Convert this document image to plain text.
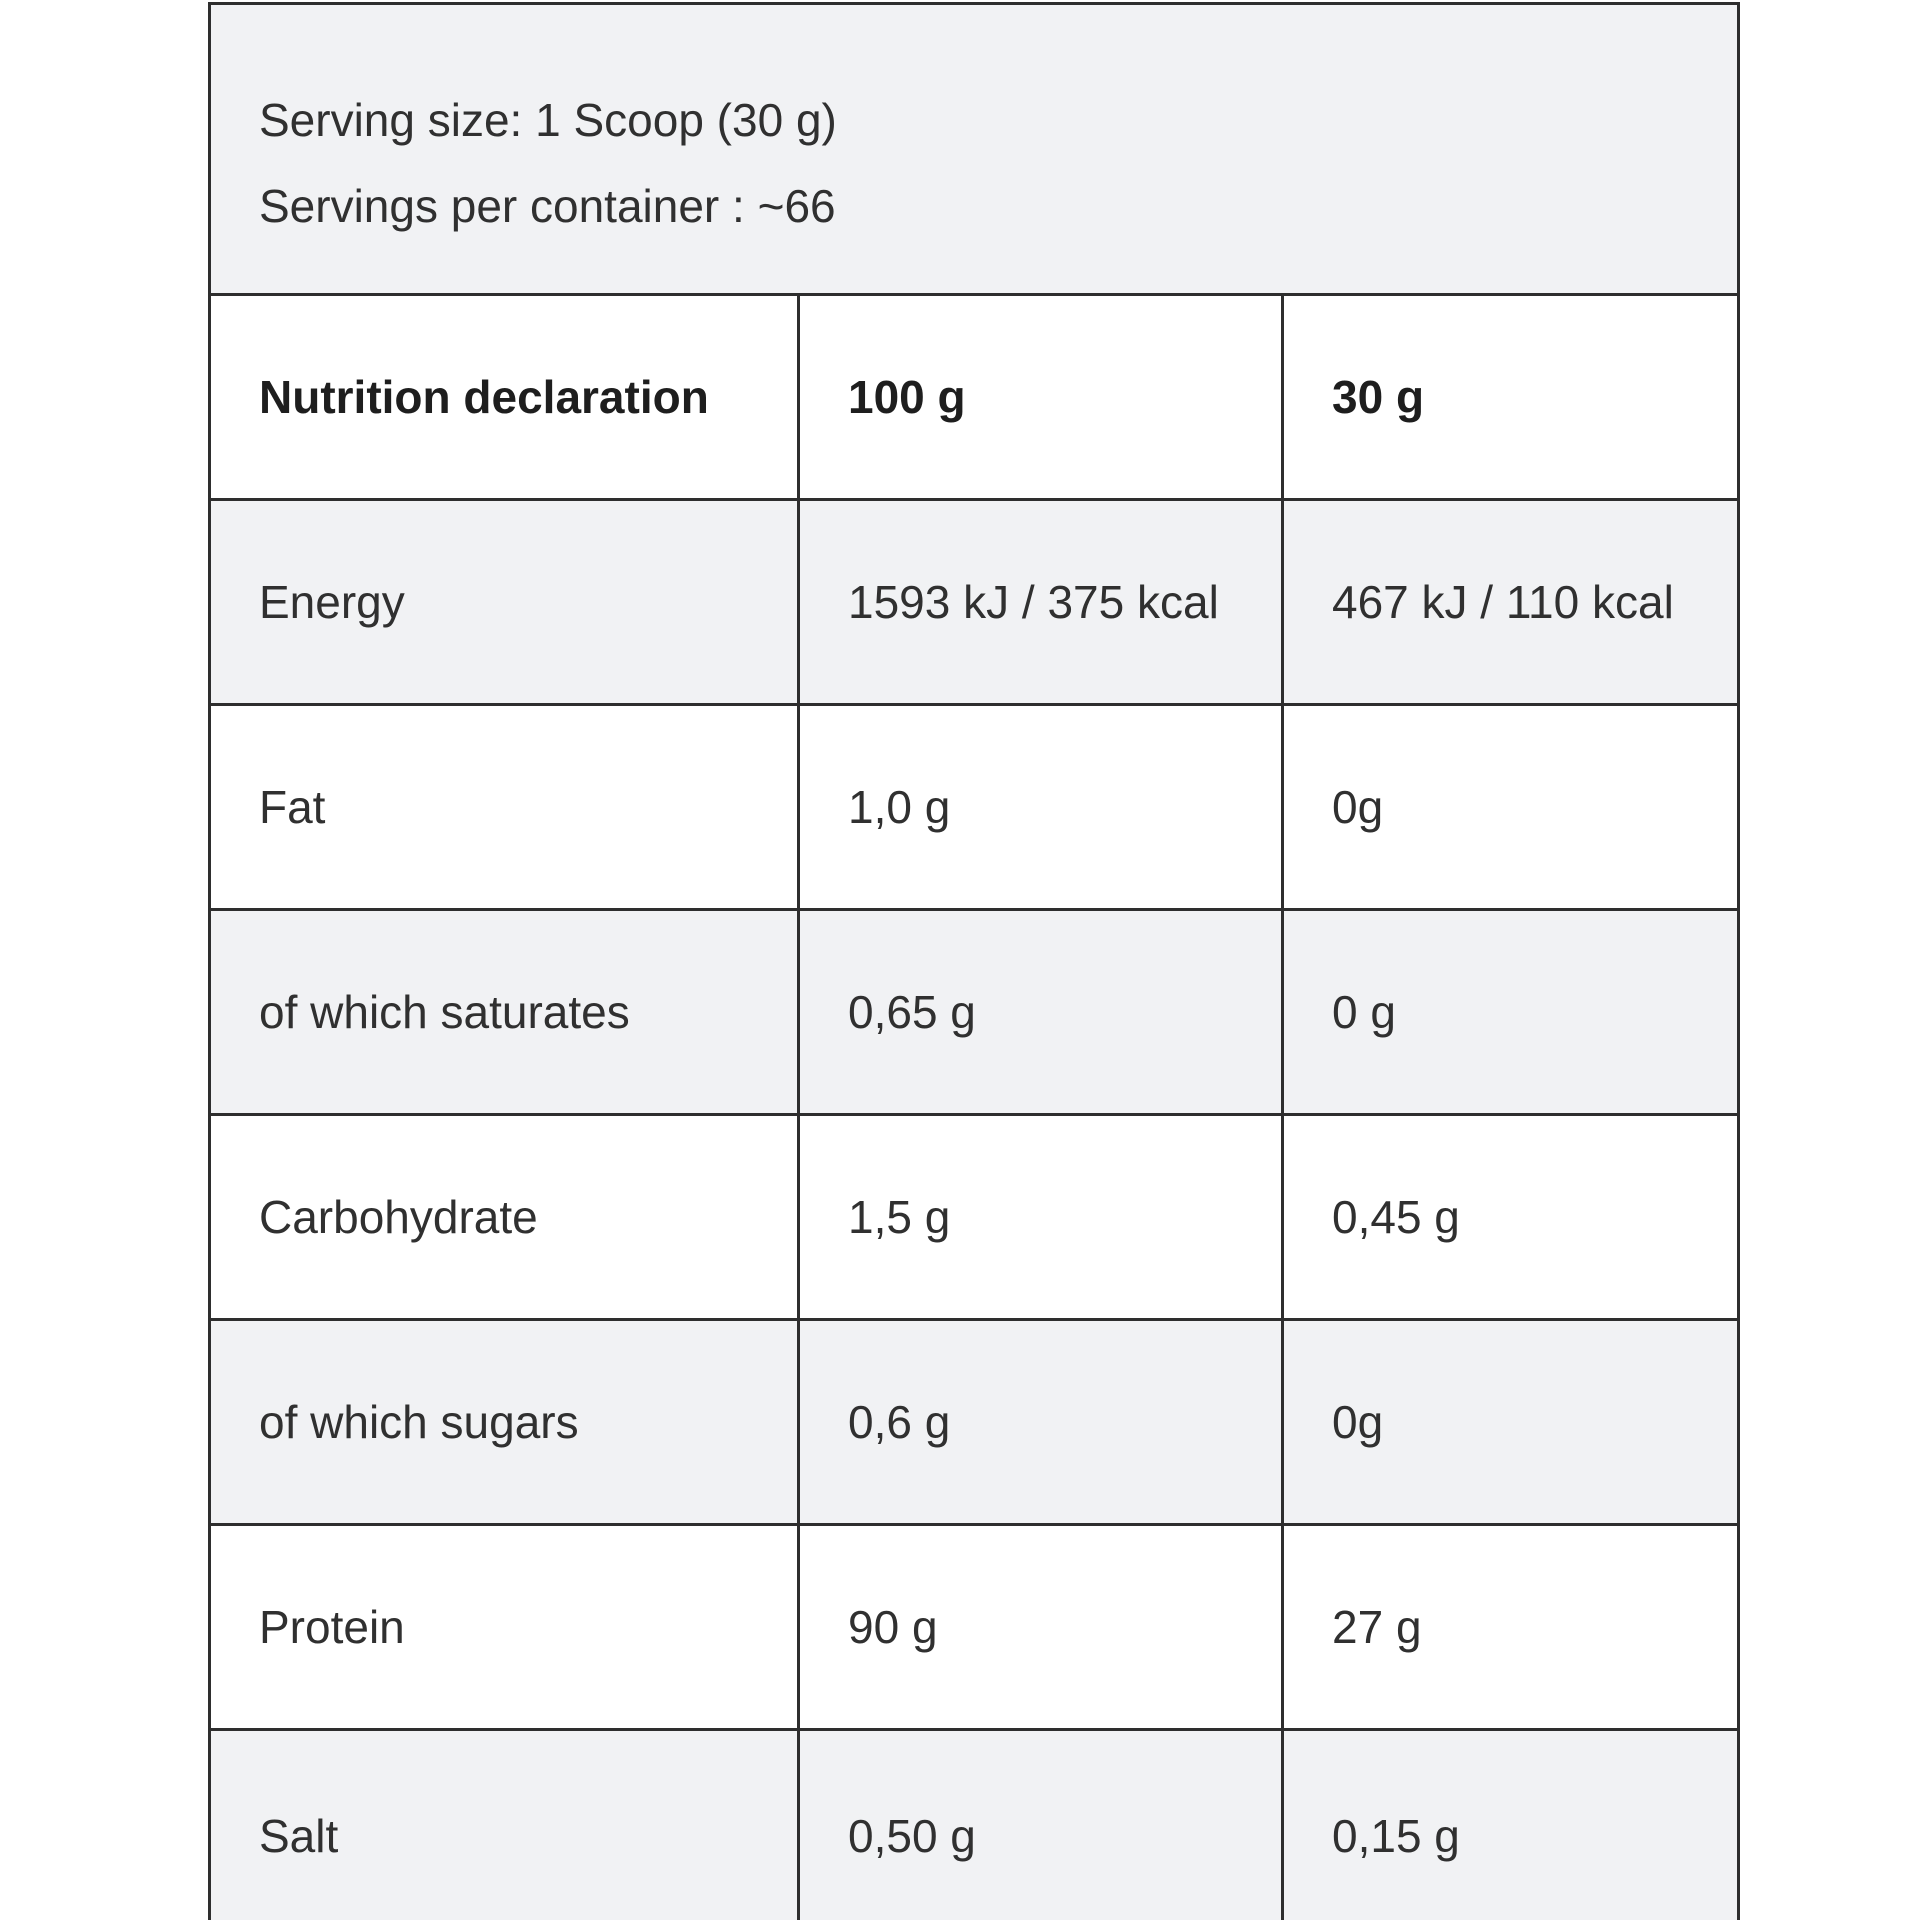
Serving size: 1 Scoop (30 g)
Servings per container : ~66
Nutrition declaration	100 g	30 g
Energy	1593 kJ / 375 kcal	467 kJ / 110 kcal
Fat	1,0 g	0g
of which saturates	0,65 g	0 g
Carbohydrate	1,5 g	0,45 g
of which sugars	0,6 g	0g
Protein	90 g	27 g
Salt	0,50 g	0,15 g
